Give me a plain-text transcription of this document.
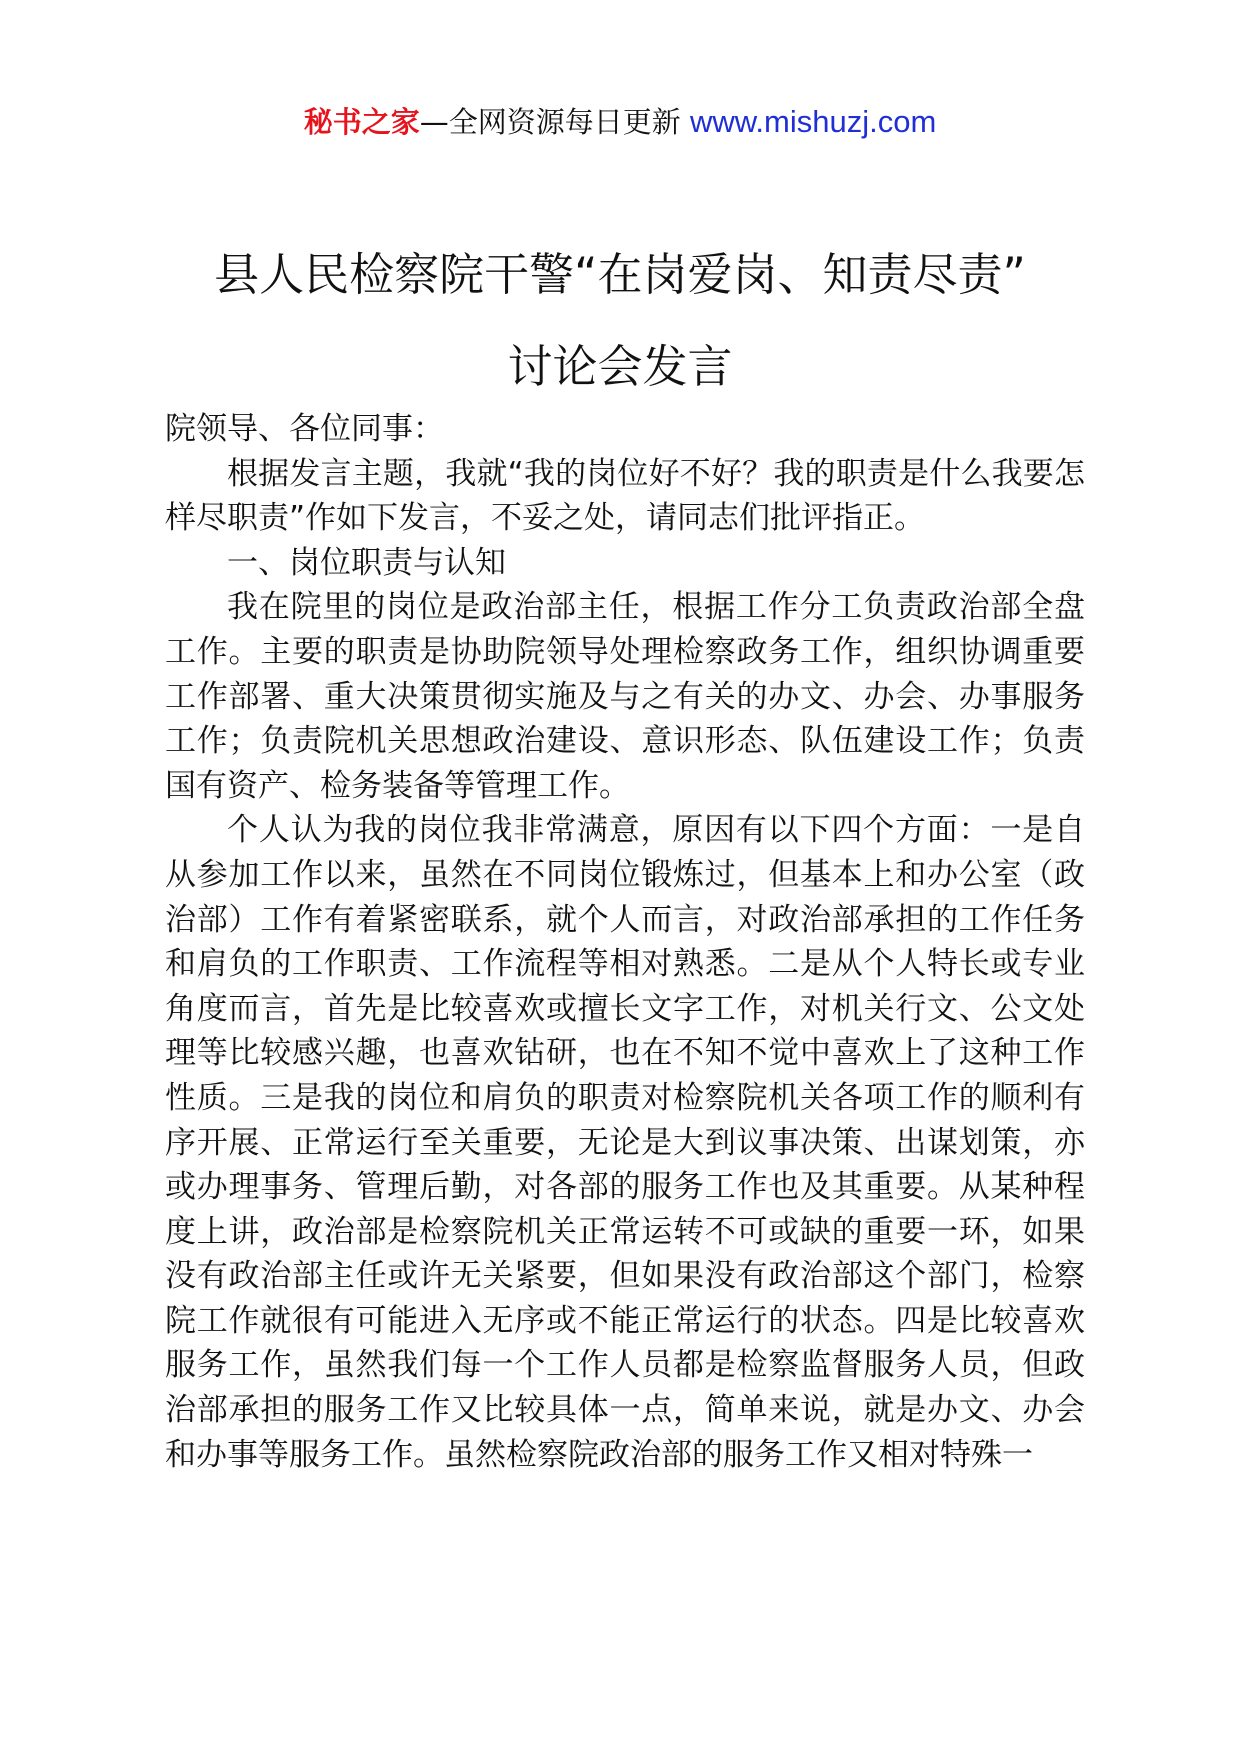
秘书之家—全网资源每日更新 www.mishuzj.com
县人民检察院干警“在岗爱岗、知责尽责”
讨论会发言

院领导、各位同事：

根据发言主题，我就“我的岗位好不好？我的职责是什么我要怎样尽职责”作如下发言，不妥之处，请同志们批评指正。

一、岗位职责与认知

我在院里的岗位是政治部主任，根据工作分工负责政治部全盘工作。主要的职责是协助院领导处理检察政务工作，组织协调重要工作部署、重大决策贯彻实施及与之有关的办文、办会、办事服务工作；负责院机关思想政治建设、意识形态、队伍建设工作；负责国有资产、检务装备等管理工作。

个人认为我的岗位我非常满意，原因有以下四个方面：一是自从参加工作以来，虽然在不同岗位锻炼过，但基本上和办公室（政治部）工作有着紧密联系，就个人而言，对政治部承担的工作任务和肩负的工作职责、工作流程等相对熟悉。二是从个人特长或专业角度而言，首先是比较喜欢或擅长文字工作，对机关行文、公文处理等比较感兴趣，也喜欢钻研，也在不知不觉中喜欢上了这种工作性质。三是我的岗位和肩负的职责对检察院机关各项工作的顺利有序开展、正常运行至关重要，无论是大到议事决策、出谋划策，亦或办理事务、管理后勤，对各部的服务工作也及其重要。从某种程度上讲，政治部是检察院机关正常运转不可或缺的重要一环，如果没有政治部主任或许无关紧要，但如果没有政治部这个部门，检察院工作就很有可能进入无序或不能正常运行的状态。四是比较喜欢服务工作，虽然我们每一个工作人员都是检察监督服务人员，但政治部承担的服务工作又比较具体一点，简单来说，就是办文、办会和办事等服务工作。虽然检察院政治部的服务工作又相对特殊一
